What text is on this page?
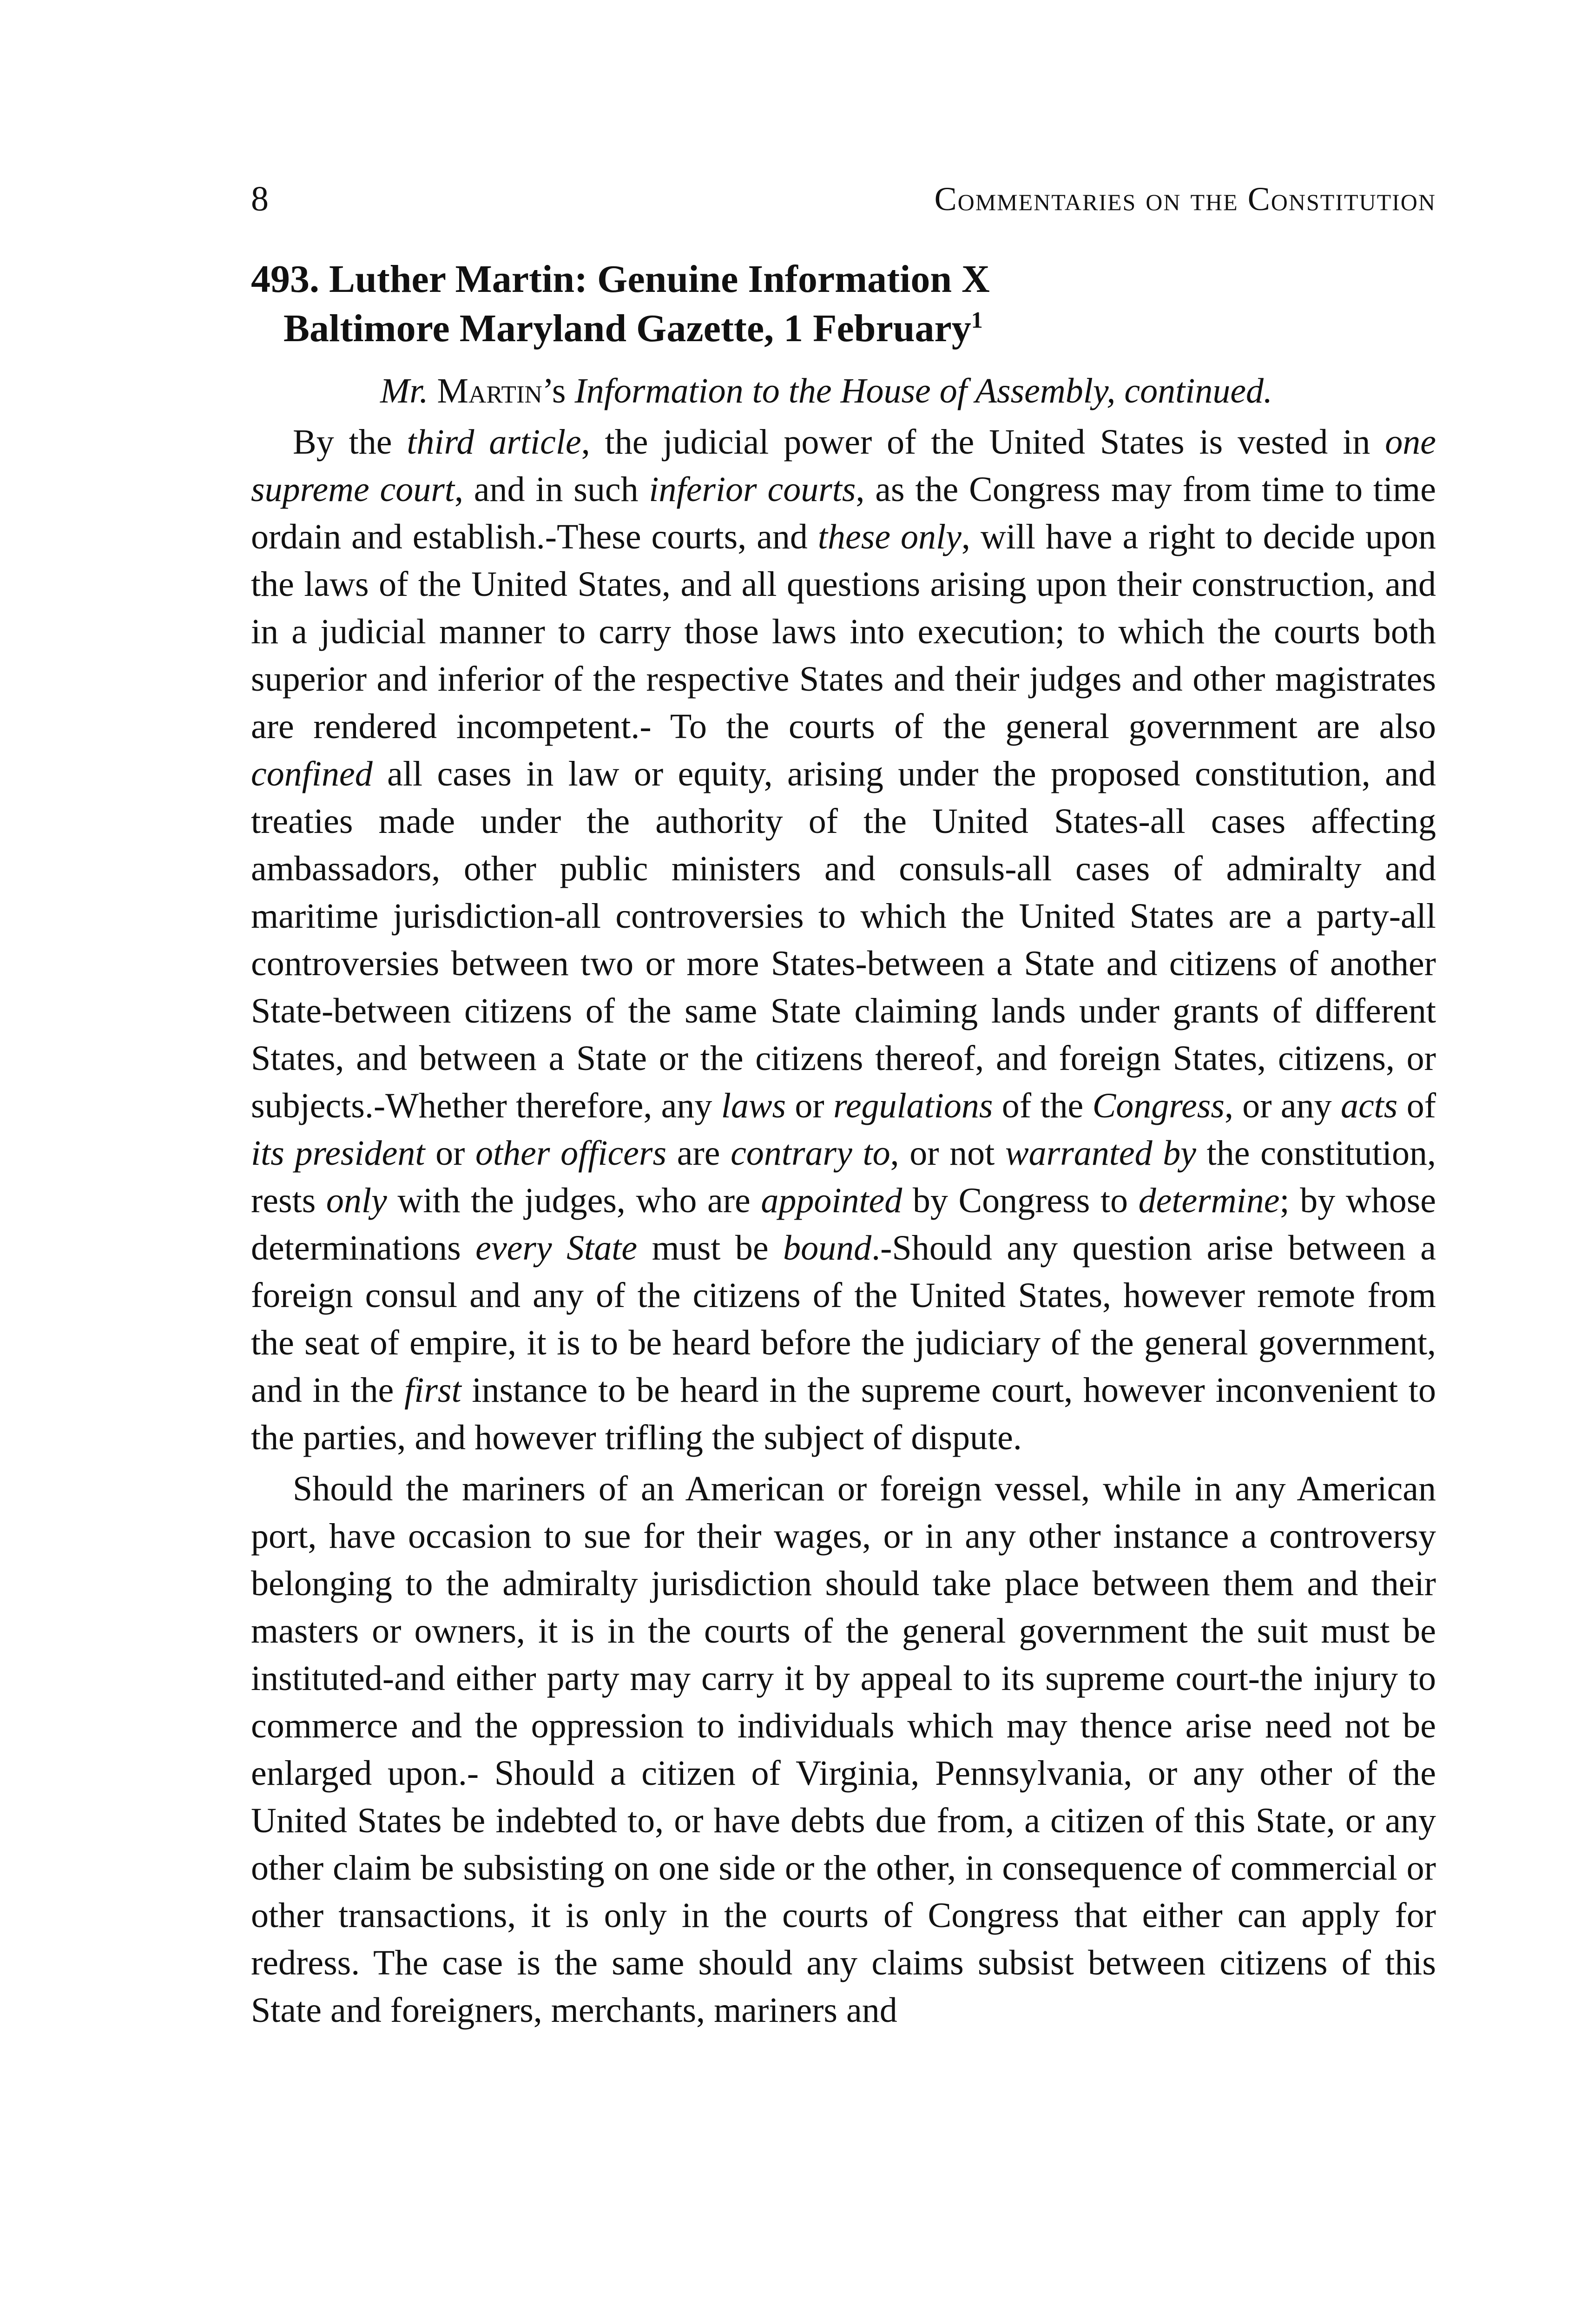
8	Commentaries on the Constitution
493. Luther Martin: Genuine Information X
Baltimore Maryland Gazette, 1 February$^1$

Mr. Martin’s Information to the House of Assembly, continued.

By the third article, the judicial power of the United States is vested in one supreme court, and in such inferior courts, as the Congress may from time to time ordain and establish.-These courts, and these only, will have a right to decide upon the laws of the United States, and all questions arising upon their construction, and in a judicial manner to carry those laws into execution; to which the courts both superior and inferior of the respective States and their judges and other magistrates are rendered incompetent.- To the courts of the general government are also confined all cases in law or equity, arising under the proposed constitution, and treaties made under the authority of the United States-all cases affecting ambassadors, other public ministers and consuls-all cases of admiralty and maritime jurisdiction-all controversies to which the United States are a party-all controversies between two or more States-between a State and citizens of another State-between citizens of the same State claiming lands under grants of different States, and between a State or the citizens thereof, and foreign States, citizens, or subjects.-Whether therefore, any laws or regulations of the Congress, or any acts of its president or other officers are contrary to, or not warranted by the constitution, rests only with the judges, who are appointed by Congress to determine; by whose determinations every State must be bound.-Should any question arise between a foreign consul and any of the citizens of the United States, however remote from the seat of empire, it is to be heard before the judiciary of the general government, and in the first instance to be heard in the supreme court, however inconvenient to the parties, and however trifling the subject of dispute.

Should the mariners of an American or foreign vessel, while in any American port, have occasion to sue for their wages, or in any other instance a controversy belonging to the admiralty jurisdiction should take place between them and their masters or owners, it is in the courts of the general government the suit must be instituted-and either party may carry it by appeal to its supreme court-the injury to commerce and the oppression to individuals which may thence arise need not be enlarged upon.- Should a citizen of Virginia, Pennsylvania, or any other of the United States be indebted to, or have debts due from, a citizen of this State, or any other claim be subsisting on one side or the other, in consequence of commercial or other transactions, it is only in the courts of Congress that either can apply for redress. The case is the same should any claims subsist between citizens of this State and foreigners, merchants, mariners and
